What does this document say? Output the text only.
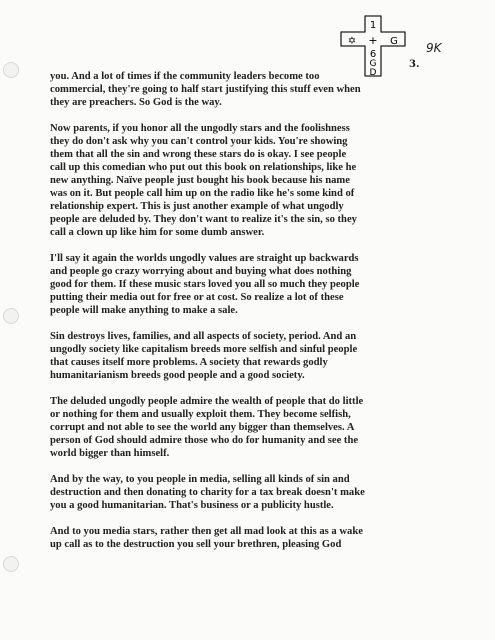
1
✡ + G
6
G
D
9K
3.

you. And a lot of times if the community leaders become too
commercial, they're going to half start justifying this stuff even when
they are preachers. So God is the way.

Now parents, if you honor all the ungodly stars and the foolishness
they do don't ask why you can't control your kids. You're showing
them that all the sin and wrong these stars do is okay. I see people
call up this comedian who put out this book on relationships, like he
new anything. Naïve people just bought his book because his name
was on it. But people call him up on the radio like he's some kind of
relationship expert. This is just another example of what ungodly
people are deluded by. They don't want to realize it's the sin, so they
call a clown up like him for some dumb answer.

I'll say it again the worlds ungodly values are straight up backwards
and people go crazy worrying about and buying what does nothing
good for them. If these music stars loved you all so much they people
putting their media out for free or at cost. So realize a lot of these
people will make anything to make a sale.

Sin destroys lives, families, and all aspects of society, period. And an
ungodly society like capitalism breeds more selfish and sinful people
that causes itself more problems. A society that rewards godly
humanitarianism breeds good people and a good society.

The deluded ungodly people admire the wealth of people that do little
or nothing for them and usually exploit them. They become selfish,
corrupt and not able to see the world any bigger than themselves. A
person of God should admire those who do for humanity and see the
world bigger than himself.

And by the way, to you people in media, selling all kinds of sin and
destruction and then donating to charity for a tax break doesn't make
you a good humanitarian. That's business or a publicity hustle.

And to you media stars, rather then get all mad look at this as a wake
up call as to the destruction you sell your brethren, pleasing God
